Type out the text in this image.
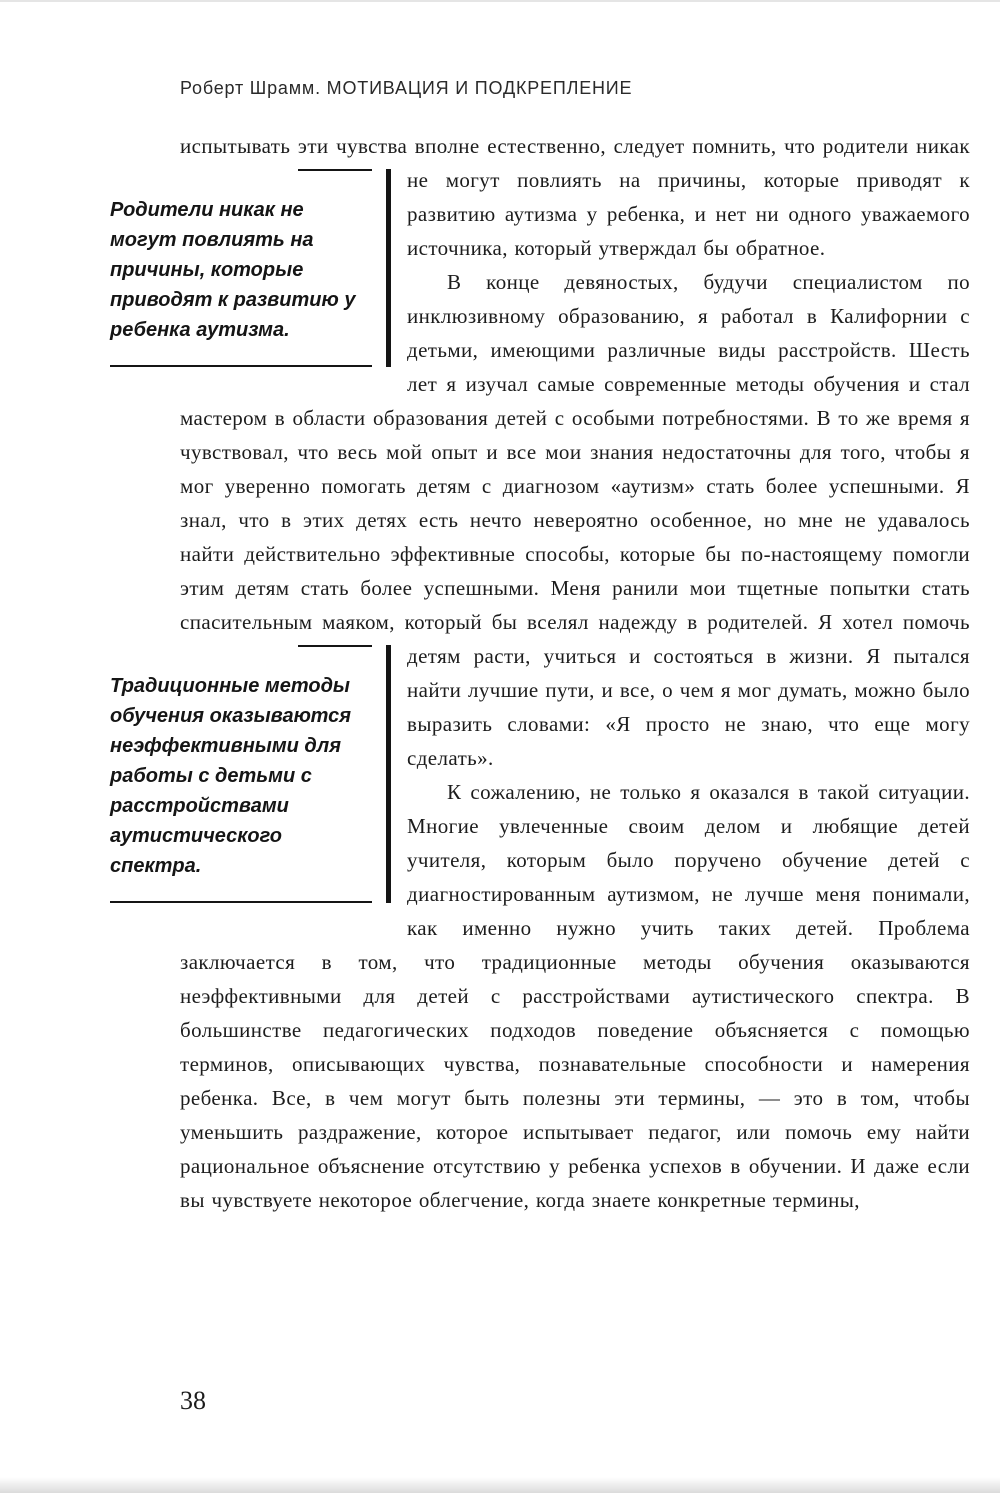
Роберт Шрамм. МОТИВАЦИЯ И ПОДКРЕПЛЕНИЕ

испытывать эти чувства вполне естественно, следует помнить, что родители никак не могут повлиять на причины, которые приводят
Родители никак не могут повлиять на причины, которые приводят к развитию у ребенка аутизма.
к развитию аутизма у ребенка, и нет ни одного уважаемого источника, который утверждал бы обратное.

В конце девяностых, будучи специалистом по инклюзивному образованию, я работал в Калифорнии с детьми, имеющими различные виды расстройств. Шесть лет я изучал самые современные методы обучения и стал мастером в области образования детей с особыми потребностями. В то же время я чувствовал, что весь мой опыт и все мои знания недостаточны для того, чтобы я мог уверенно помогать детям с диагнозом «аутизм» стать более успешными. Я знал, что в этих детях есть нечто невероятно особенное, но мне не удавалось найти действительно эффективные способы, которые бы по-настоящему помогли этим детям стать более успешными. Меня ранили мои тщетные попытки стать спасительным маяком, который бы вселял надежду в родителей. Я хотел помочь детям расти,
Традиционные методы обучения оказываются неэффективными для работы с детьми с расстройствами аутистического спектра.
учиться и состояться в жизни. Я пытался найти лучшие пути, и все, о чем я мог думать, можно было выразить словами: «Я просто не знаю, что еще могу сделать».

К сожалению, не только я оказался в такой ситуации. Многие увлеченные своим делом и любящие детей учителя, которым было поручено обучение детей с диагностированным аутизмом, не лучше меня понимали, как именно нужно учить таких детей. Проблема заключается в том, что традиционные методы обучения оказываются неэффективными для детей с расстройствами аутистического спектра. В большинстве педагогических подходов поведение объясняется с помощью терминов, описывающих чувства, познавательные способности и намерения ребенка. Все, в чем могут быть полезны эти термины, — это в том, чтобы уменьшить раздражение, которое испытывает педагог, или помочь ему найти рациональное объяснение отсутствию у ребенка успехов в обучении. И даже если вы чувствуете некоторое облегчение, когда знаете конкретные термины,

38
